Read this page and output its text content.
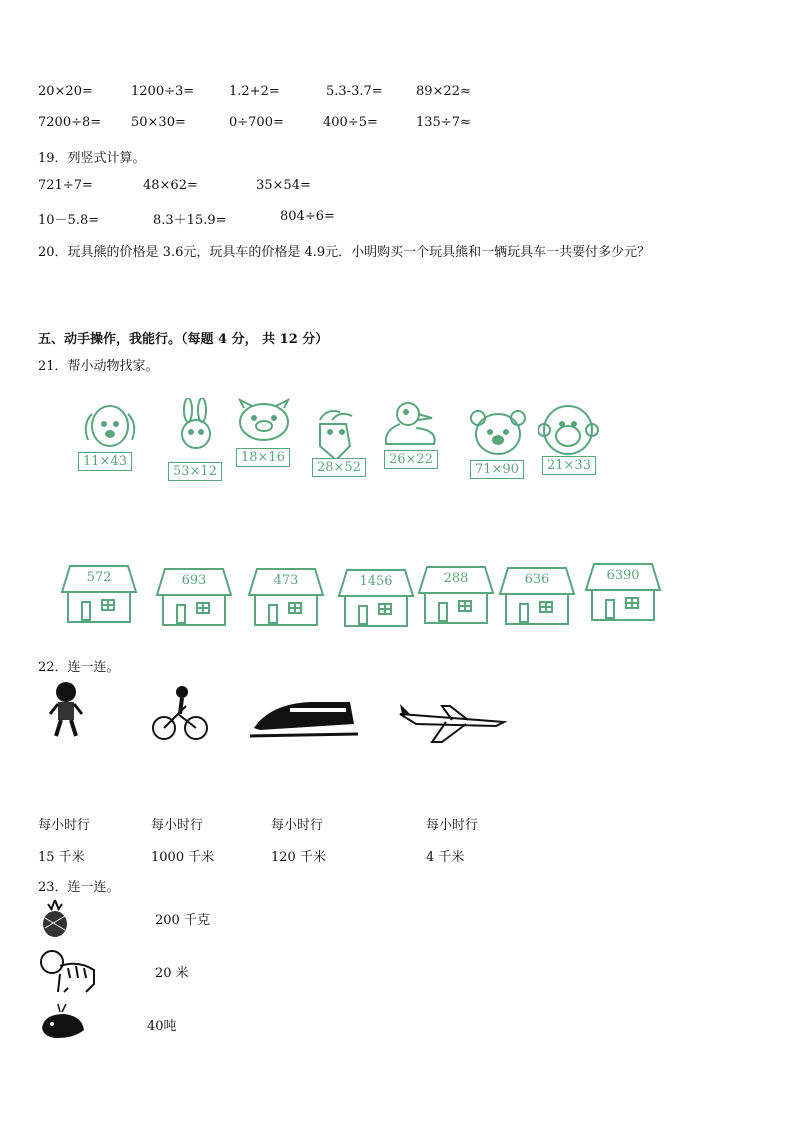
20×20=	1200÷3=	1.2+2=	5.3-3.7=	89×22≈
7200÷8= 50×30=	0÷700=	400÷5=	135÷7≈
19．列竖式计算。
721÷7=	48×62=	35×54=
10－5.8=	8.3＋15.9=	804÷6=
20．玩具熊的价格是 3.6元，玩具车的价格是 4.9元．小明购买一个玩具熊和一辆玩具车一共要付多少元？
五、动手操作，我能行。（每题 4 分， 共 12 分）
21．帮小动物找家。
11×43
53×12
18×16
28×52
26×22
71×90	21×33
572	693	473	1456	288	636	6390
22．连一连。
每小时行	每小时行	每小时行	每小时行
15 千米	1000 千米	120 千米	4 千米
23．连一连。
200 千克
20 米
40吨
